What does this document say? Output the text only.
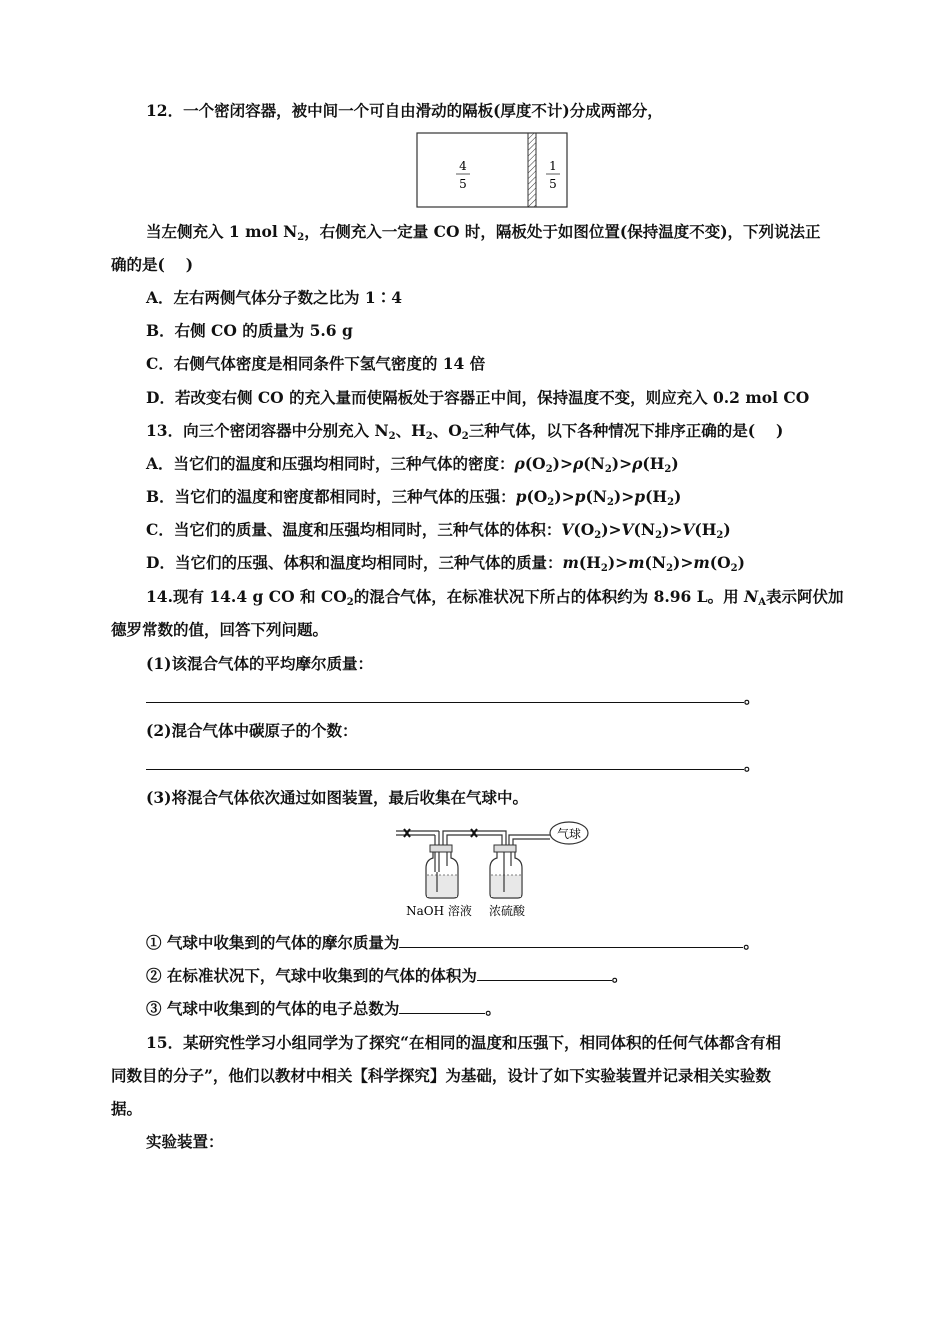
12．一个密闭容器，被中间一个可自由滑动的隔板(厚度不计)分成两部分，
4
5
1
5
当左侧充入 1 mol $N_2$，右侧充入一定量 CO 时，隔板处于如图位置(保持温度不变)，下列说法正
确的是(　 )
A．左右两侧气体分子数之比为 1∶4
B．右侧 CO 的质量为 5.6 g
C．右侧气体密度是相同条件下氢气密度的 14 倍
D．若改变右侧 CO 的充入量而使隔板处于容器正中间，保持温度不变，则应充入 0.2 mol CO
13．向三个密闭容器中分别充入 $N_2$、$H_2$、$O_2$三种气体，以下各种情况下排序正确的是(　 )
A．当它们的温度和压强均相同时，三种气体的密度：$\rho(O_2)>\rho(N_2)>\rho(H_2)$
B．当它们的温度和密度都相同时，三种气体的压强：$p(O_2)>p(N_2)>p(H_2)$
C．当它们的质量、温度和压强均相同时，三种气体的体积：$V(O_2)>V(N_2)>V(H_2)$
D．当它们的压强、体积和温度均相同时，三种气体的质量：$m(H_2)>m(N_2)>m(O_2)$
14.现有 14.4 g CO 和 $CO_2$的混合气体，在标准状况下所占的体积约为 8.96 L。用 $N_A$表示阿伏加
德罗常数的值，回答下列问题。
(1)该混合气体的平均摩尔质量：
。
(2)混合气体中碳原子的个数：
。
(3)将混合气体依次通过如图装置，最后收集在气球中。
气球
NaOH 溶液 浓硫酸
① 气球中收集到的气体的摩尔质量为	。
② 在标准状况下，气球中收集到的气体的体积为	。
③ 气球中收集到的气体的电子总数为	。
15．某研究性学习小组同学为了探究“在相同的温度和压强下，相同体积的任何气体都含有相
同数目的分子”，他们以教材中相关【科学探究】为基础，设计了如下实验装置并记录相关实验数
据。
实验装置：
